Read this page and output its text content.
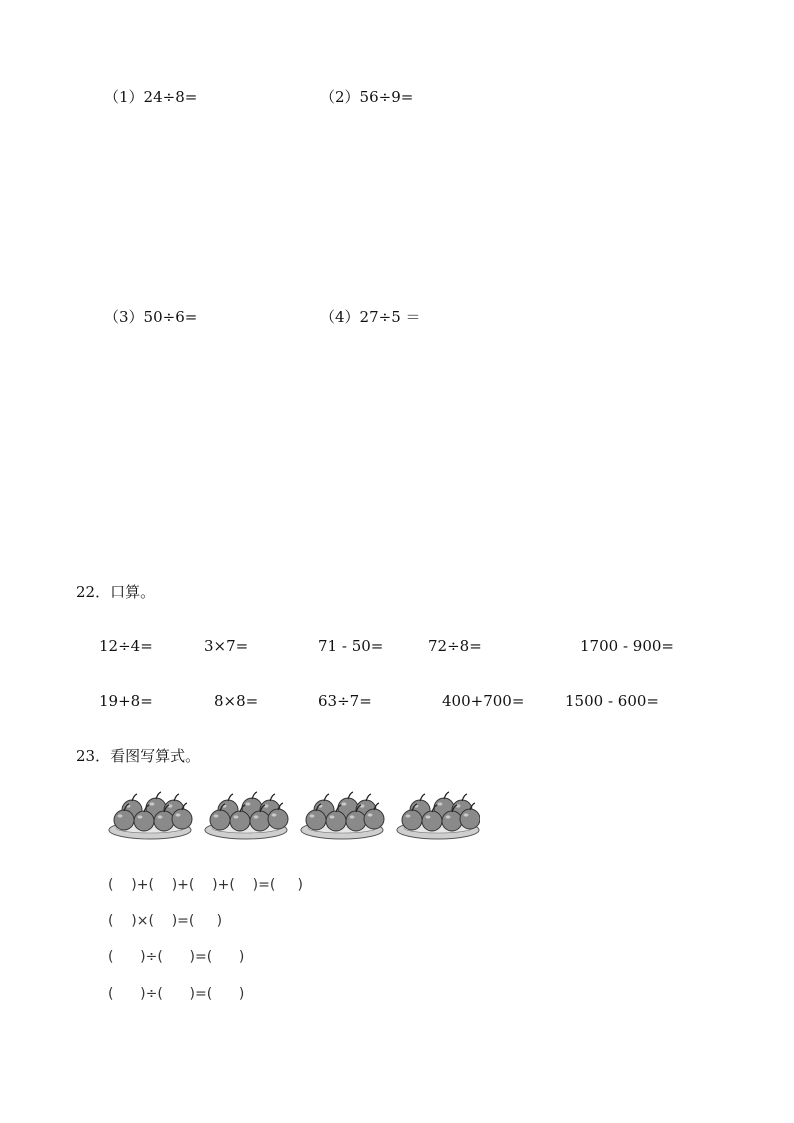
（1）24÷8=	（2）56÷9=
（3）50÷6=	（4）27÷5 ＝
22．口算。
12÷4=	3×7=	71 - 50=	72÷8=	1700 - 900=
19+8=	8×8=	63÷7=	400+700=	1500 - 600=
23．看图写算式。
(    )+(    )+(    )+(    )=(     )
(    )×(    )=(     )
(      )÷(      )=(      )
(      )÷(      )=(      )
